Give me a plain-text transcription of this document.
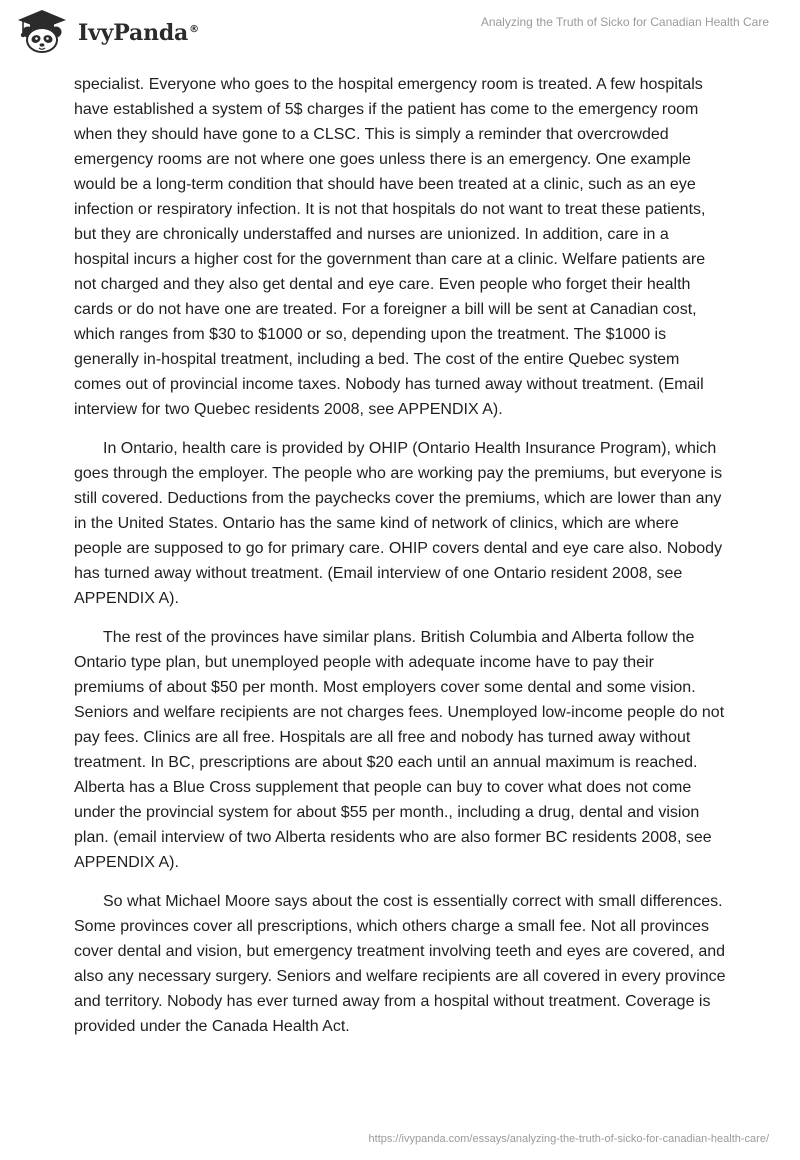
IvyPanda®
Analyzing the Truth of Sicko for Canadian Health Care

specialist. Everyone who goes to the hospital emergency room is treated. A few hospitals have established a system of 5$ charges if the patient has come to the emergency room when they should have gone to a CLSC. This is simply a reminder that overcrowded emergency rooms are not where one goes unless there is an emergency. One example would be a long-term condition that should have been treated at a clinic, such as an eye infection or respiratory infection. It is not that hospitals do not want to treat these patients, but they are chronically understaffed and nurses are unionized. In addition, care in a hospital incurs a higher cost for the government than care at a clinic. Welfare patients are not charged and they also get dental and eye care. Even people who forget their health cards or do not have one are treated. For a foreigner a bill will be sent at Canadian cost, which ranges from $30 to $1000 or so, depending upon the treatment. The $1000 is generally in-hospital treatment, including a bed. The cost of the entire Quebec system comes out of provincial income taxes. Nobody has turned away without treatment. (Email interview for two Quebec residents 2008, see APPENDIX A).

In Ontario, health care is provided by OHIP (Ontario Health Insurance Program), which goes through the employer. The people who are working pay the premiums, but everyone is still covered. Deductions from the paychecks cover the premiums, which are lower than any in the United States. Ontario has the same kind of network of clinics, which are where people are supposed to go for primary care. OHIP covers dental and eye care also. Nobody has turned away without treatment. (Email interview of one Ontario resident 2008, see APPENDIX A).

The rest of the provinces have similar plans. British Columbia and Alberta follow the Ontario type plan, but unemployed people with adequate income have to pay their premiums of about $50 per month. Most employers cover some dental and some vision. Seniors and welfare recipients are not charges fees. Unemployed low-income people do not pay fees. Clinics are all free. Hospitals are all free and nobody has turned away without treatment. In BC, prescriptions are about $20 each until an annual maximum is reached. Alberta has a Blue Cross supplement that people can buy to cover what does not come under the provincial system for about $55 per month., including a drug, dental and vision plan. (email interview of two Alberta residents who are also former BC residents 2008, see APPENDIX A).

So what Michael Moore says about the cost is essentially correct with small differences. Some provinces cover all prescriptions, which others charge a small fee. Not all provinces cover dental and vision, but emergency treatment involving teeth and eyes are covered, and also any necessary surgery. Seniors and welfare recipients are all covered in every province and territory. Nobody has ever turned away from a hospital without treatment. Coverage is provided under the Canada Health Act.

https://ivypanda.com/essays/analyzing-the-truth-of-sicko-for-canadian-health-care/
